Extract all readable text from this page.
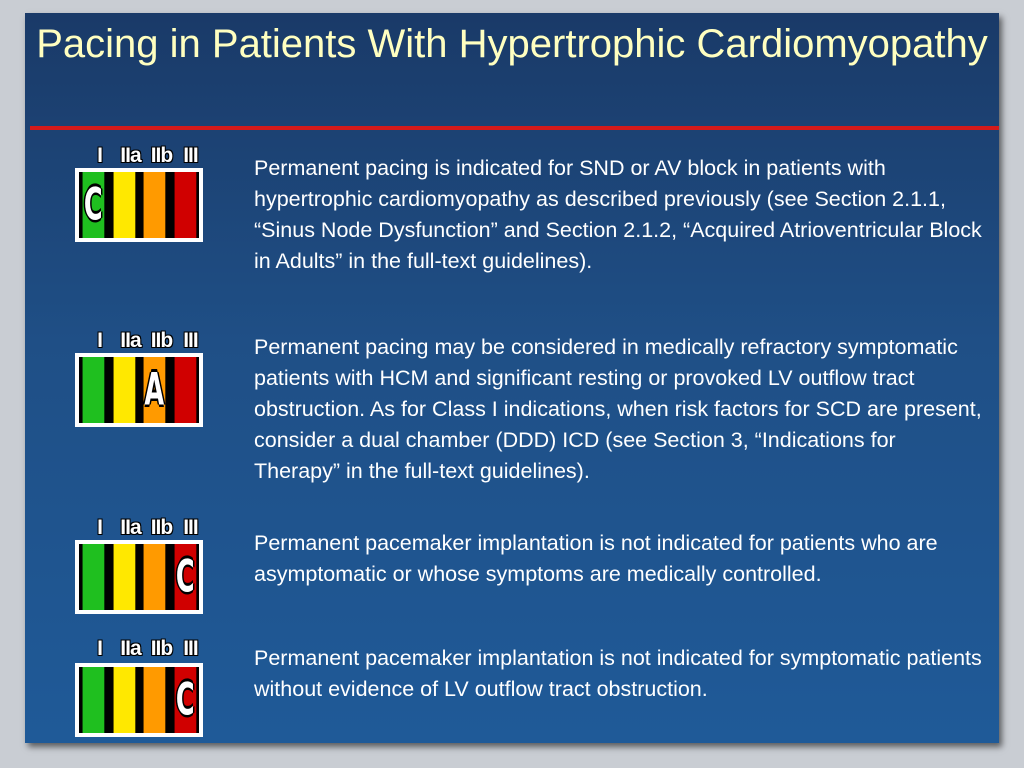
Pacing in Patients With Hypertrophic Cardiomyopathy
I IIa IIb III
C
Permanent pacing is indicated for SND or AV block in patients with hypertrophic cardiomyopathy as described previously (see Section 2.1.1, “Sinus Node Dysfunction” and Section 2.1.2, “Acquired Atrioventricular Block in Adults” in the full-text guidelines).
I IIa IIb III
A
Permanent pacing may be considered in medically refractory symptomatic patients with HCM and significant resting or provoked LV outflow tract obstruction. As for Class I indications, when risk factors for SCD are present, consider a dual chamber (DDD) ICD (see Section 3, “Indications for Therapy” in the full-text guidelines).
I IIa IIb III
C
Permanent pacemaker implantation is not indicated for patients who are asymptomatic or whose symptoms are medically controlled.
I IIa IIb III
C
Permanent pacemaker implantation is not indicated for symptomatic patients without evidence of LV outflow tract obstruction.
